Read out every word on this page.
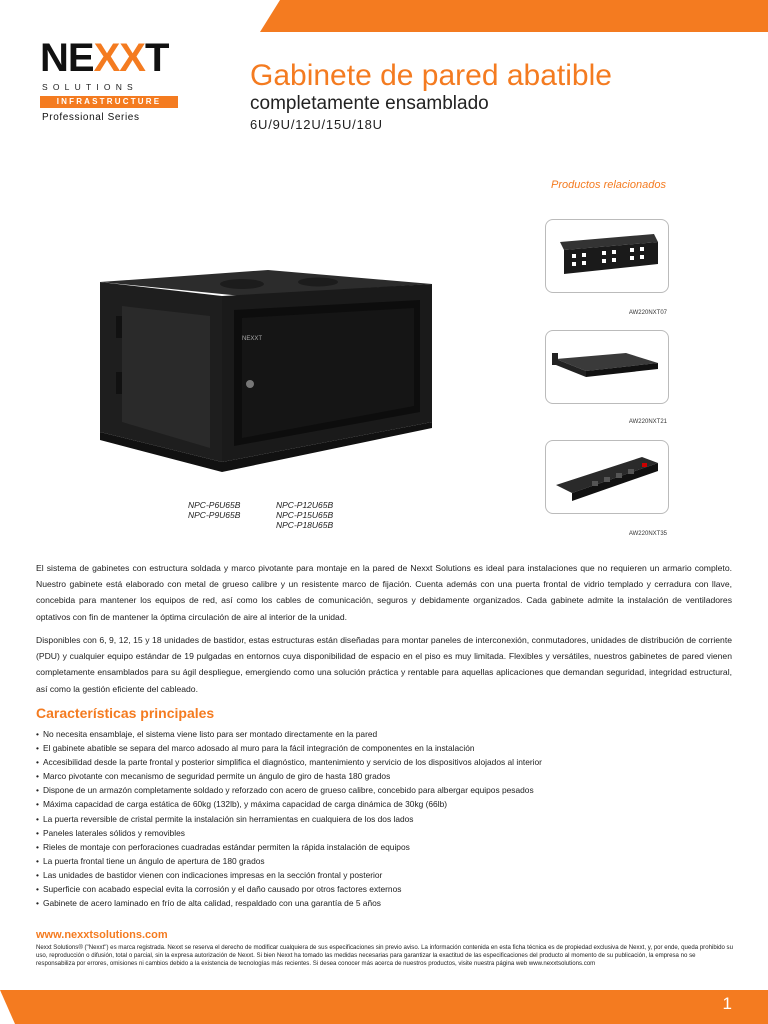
NEXXT
SOLUTIONS
INFRASTRUCTURE
Professional Series
Gabinete de pared abatible
completamente ensamblado
6U/9U/12U/15U/18U
Productos relacionados
AW220NXT07
AW220NXT21
AW220NXT35
NEXXT
NPC-P6U65B
NPC-P9U65B
NPC-P12U65B
NPC-P15U65B
NPC-P18U65B
El sistema de gabinetes con estructura soldada y marco pivotante para montaje en la pared de Nexxt Solutions es ideal para instalaciones que no requieren un armario completo. Nuestro gabinete está elaborado con metal de grueso calibre y un resistente marco de fijación. Cuenta además con una puerta frontal de vidrio templado y cerradura con llave, concebida para mantener los equipos de red, así como los cables de comunicación, seguros y debidamente organizados. Cada gabinete admite la instalación de ventiladores optativos con fin de mantener la óptima circulación de aire al interior de la unidad.
Disponibles con 6, 9, 12, 15 y 18 unidades de bastidor, estas estructuras están diseñadas para montar paneles de interconexión, conmutadores, unidades de distribución de corriente (PDU) y cualquier equipo estándar de 19 pulgadas en entornos cuya disponibilidad de espacio en el piso es muy limitada. Flexibles y versátiles, nuestros gabinetes de pared vienen completamente ensamblados para su ágil despliegue, emergiendo como una solución práctica y rentable para aquellas aplicaciones que demandan seguridad, integridad estructural, así como la gestión eficiente del cableado.
Características principales
• No necesita ensamblaje, el sistema viene listo para ser montado directamente en la pared
• El gabinete abatible se separa del marco adosado al muro para la fácil integración de componentes en la instalación
• Accesibilidad desde la parte frontal y posterior simplifica el diagnóstico, mantenimiento y servicio de los dispositivos alojados al interior
• Marco pivotante con mecanismo de seguridad permite un ángulo de giro de hasta 180 grados
• Dispone de un armazón completamente soldado y reforzado con acero de grueso calibre, concebido para albergar equipos pesados
• Máxima capacidad de carga estática de 60kg (132lb), y máxima capacidad de carga dinámica de 30kg (66lb)
• La puerta reversible de cristal permite la instalación sin herramientas en cualquiera de los dos lados
• Paneles laterales sólidos y removibles
• Rieles de montaje con perforaciones cuadradas estándar permiten la rápida instalación de equipos
• La puerta frontal tiene un ángulo de apertura de 180 grados
• Las unidades de bastidor vienen con indicaciones impresas en la sección frontal y posterior
• Superficie con acabado especial evita la corrosión y el daño causado por otros factores externos
• Gabinete de acero laminado en frío de alta calidad, respaldado con una garantía de 5 años
www.nexxtsolutions.com
Nexxt Solutions® ("Nexxt") es marca registrada. Nexxt se reserva el derecho de modificar cualquiera de sus especificaciones sin previo aviso. La información contenida en esta ficha técnica es de propiedad exclusiva de Nexxt, y, por ende, queda prohibido su uso, reproducción o difusión, total o parcial, sin la expresa autorización de Nexxt. Si bien Nexxt ha tomado las medidas necesarias para garantizar la exactitud de las especificaciones del producto al momento de su publicación, la empresa no se responsabiliza por errores, omisiones ni cambios debido a la existencia de tecnologías más recientes. Si desea conocer más acerca de nuestros productos, visite nuestra página web www.nexxtsolutions.com
1
